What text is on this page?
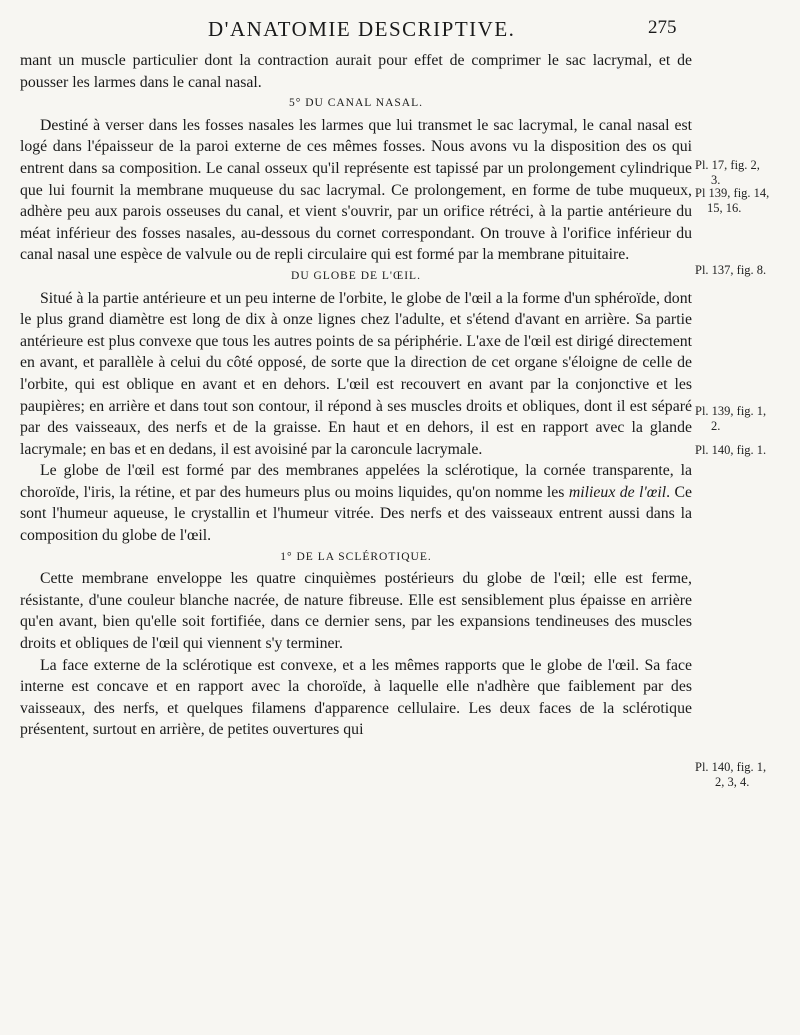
D'ANATOMIE DESCRIPTIVE.	275

mant un muscle particulier dont la contraction aurait pour effet de comprimer le sac lacrymal, et de pousser les larmes dans le canal nasal.

5° DU CANAL NASAL.

Destiné à verser dans les fosses nasales les larmes que lui transmet le sac lacrymal, le canal nasal est logé dans l'épaisseur de la paroi externe de ces mêmes fosses. Nous avons vu la disposition des os qui entrent dans sa composition. Le canal osseux qu'il représente est tapissé par un prolongement cylindrique que lui fournit la membrane muqueuse du sac lacrymal. Ce prolongement, en forme de tube muqueux, adhère peu aux parois osseuses du canal, et vient s'ouvrir, par un orifice rétréci, à la partie antérieure du méat inférieur des fosses nasales, au-dessous du cornet correspondant. On trouve à l'orifice inférieur du canal nasal une espèce de valvule ou de repli circulaire qui est formé par la membrane pituitaire.

DU GLOBE DE L'ŒIL.

Situé à la partie antérieure et un peu interne de l'orbite, le globe de l'œil a la forme d'un sphéroïde, dont le plus grand diamètre est long de dix à onze lignes chez l'adulte, et s'étend d'avant en arrière. Sa partie antérieure est plus convexe que tous les autres points de sa périphérie. L'axe de l'œil est dirigé directement en avant, et parallèle à celui du côté opposé, de sorte que la direction de cet organe s'éloigne de celle de l'orbite, qui est oblique en avant et en dehors. L'œil est recouvert en avant par la conjonctive et les paupières; en arrière et dans tout son contour, il répond à ses muscles droits et obliques, dont il est séparé par des vaisseaux, des nerfs et de la graisse. En haut et en dehors, il est en rapport avec la glande lacrymale; en bas et en dedans, il est avoisiné par la caroncule lacrymale.

Le globe de l'œil est formé par des membranes appelées la sclérotique, la cornée transparente, la choroïde, l'iris, la rétine, et par des humeurs plus ou moins liquides, qu'on nomme les milieux de l'œil. Ce sont l'humeur aqueuse, le crystallin et l'humeur vitrée. Des nerfs et des vaisseaux entrent aussi dans la composition du globe de l'œil.

1° DE LA SCLÉROTIQUE.

Cette membrane enveloppe les quatre cinquièmes postérieurs du globe de l'œil; elle est ferme, résistante, d'une couleur blanche nacrée, de nature fibreuse. Elle est sensiblement plus épaisse en arrière qu'en avant, bien qu'elle soit fortifiée, dans ce dernier sens, par les expansions tendineuses des muscles droits et obliques de l'œil qui viennent s'y terminer.

La face externe de la sclérotique est convexe, et a les mêmes rapports que le globe de l'œil. Sa face interne est concave et en rapport avec la choroïde, à laquelle elle n'adhère que faiblement par des vaisseaux, des nerfs, et quelques filamens d'apparence cellulaire. Les deux faces de la sclérotique présentent, surtout en arrière, de petites ouvertures qui

Pl. 17, fig. 2,
3.
Pl 139, fig. 14,
15, 16.
Pl. 137, fig. 8.
Pl. 139, fig. 1,
2.
Pl. 140, fig. 1.
Pl. 140, fig. 1,
2, 3, 4.
